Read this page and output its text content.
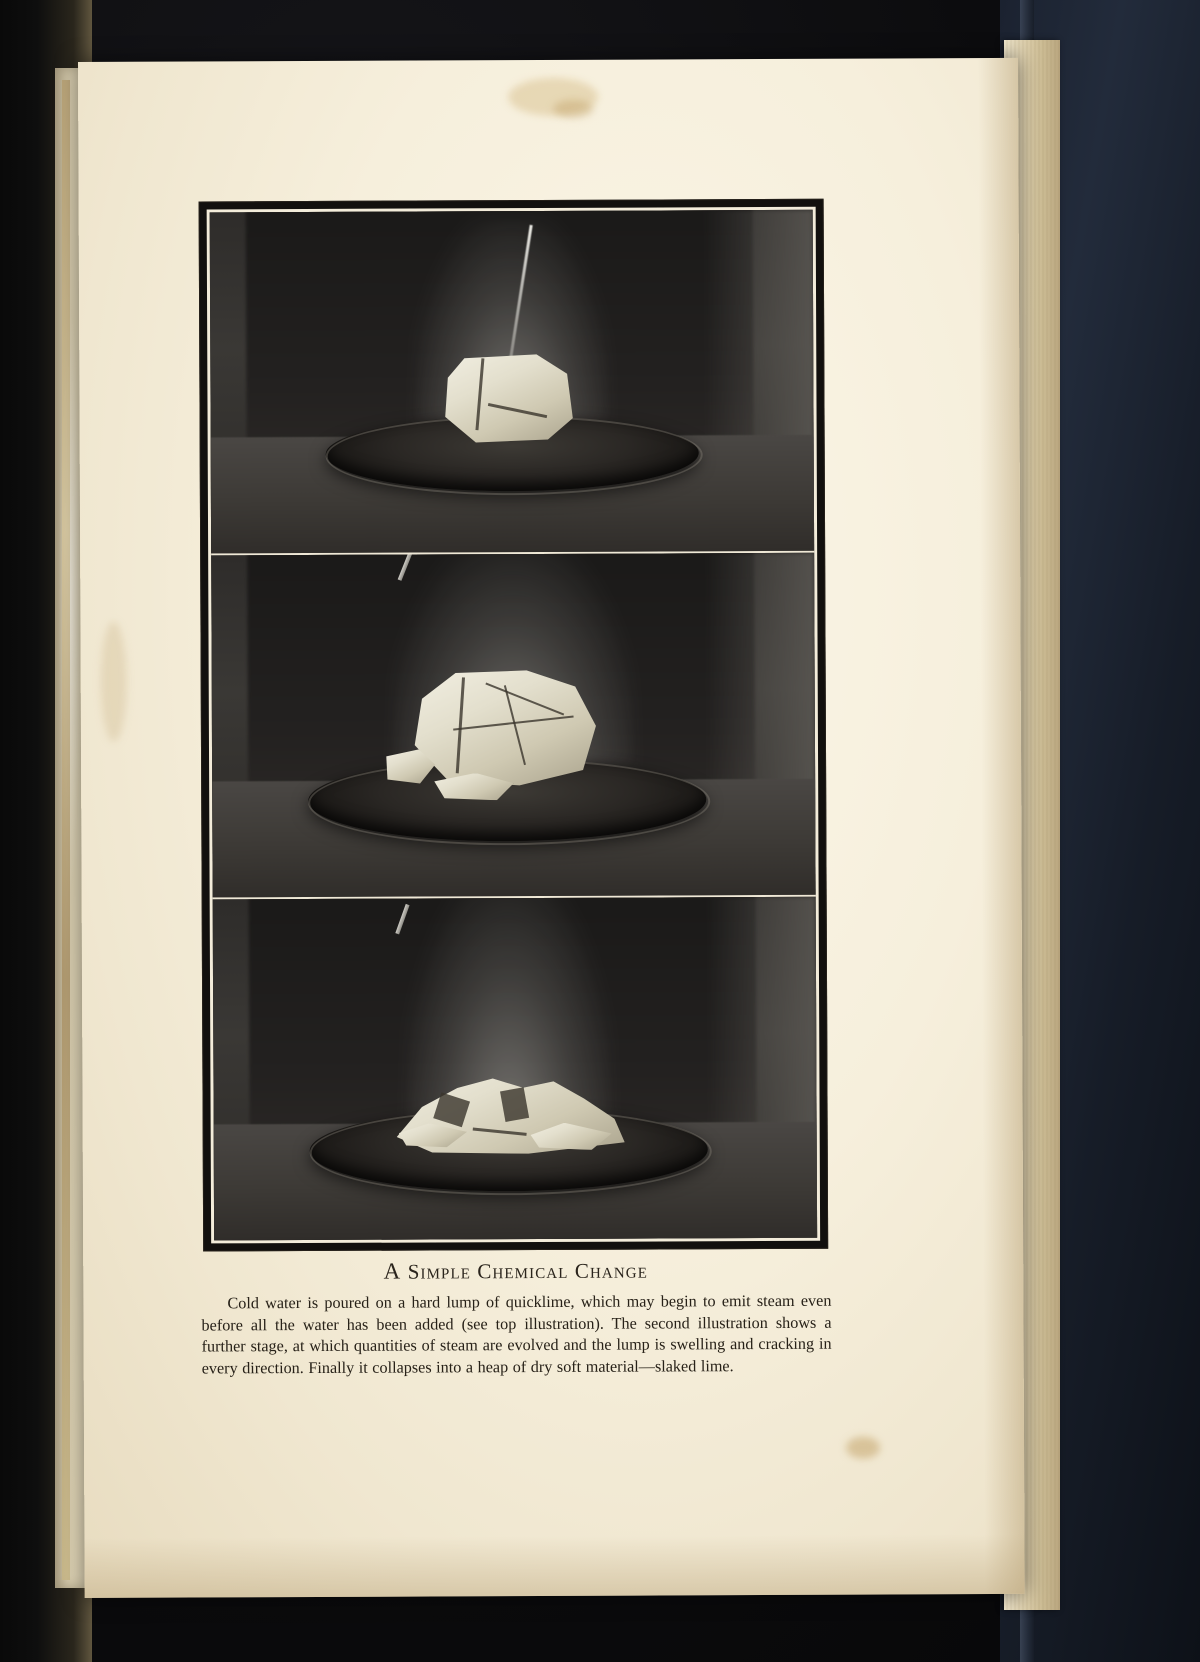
A Simple Chemical Change
Cold water is poured on a hard lump of quicklime, which may begin to emit steam even before all the water has been added (see top illustration). The second illustration shows a further stage, at which quantities of steam are evolved and the lump is swelling and cracking in every direction. Finally it collapses into a heap of dry soft material—slaked lime.
